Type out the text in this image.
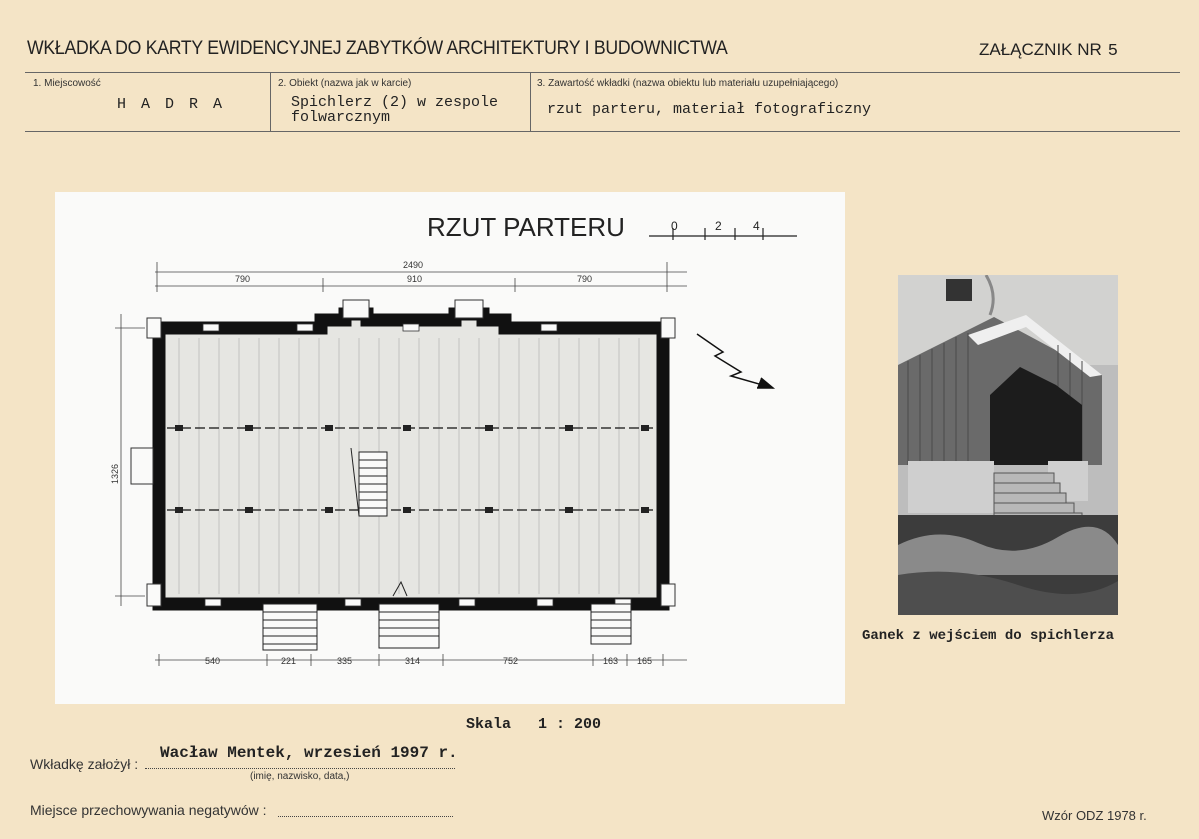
WKŁADKA DO KARTY EWIDENCYJNEJ ZABYTKÓW ARCHITEKTURY I BUDOWNICTWA	ZAŁĄCZNIK NR 5
1. Miejscowość
H A D R A
2. Obiekt (nazwa jak w karcie)
Spichlerz (2) w zespole
folwarcznym
3. Zawartość wkładki (nazwa obiektu lub materiału uzupełniającego)
rzut parteru, materiał fotograficzny
RZUT PARTERU	0	2	4
2490
790	910	790
1326
540	221	335	314	752	163 165
Ganek z wejściem do spichlerza
Skala 1 : 200
Wkładkę założył :
Wacław Mentek, wrzesień 1997 r.
(imię, nazwisko, data,)
Miejsce przechowywania negatywów :	Wzór ODZ 1978 r.
